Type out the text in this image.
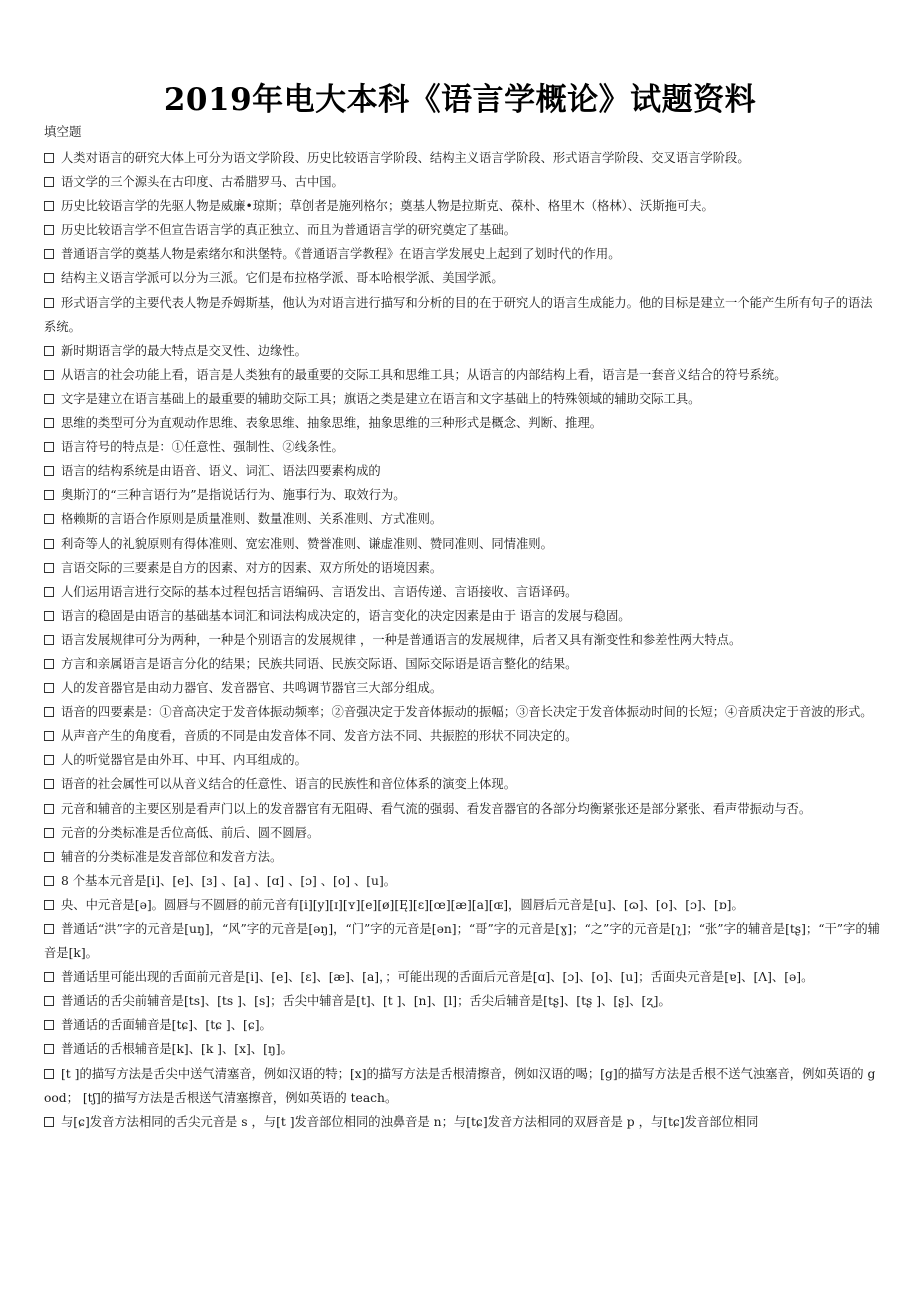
2019年电大本科《语言学概论》试题资料
填空题
人类对语言的研究大体上可分为语文学阶段、历史比较语言学阶段、结构主义语言学阶段、形式语言学阶段、交叉语言学阶段。
语文学的三个源头在古印度、古希腊罗马、古中国。
历史比较语言学的先驱人物是威廉•琼斯；草创者是施列格尔；奠基人物是拉斯克、葆朴、格里木（格林）、沃斯拖可夫。
历史比较语言学不但宣告语言学的真正独立、而且为普通语言学的研究奠定了基础。
普通语言学的奠基人物是索绪尔和洪堡特。《普通语言学教程》在语言学发展史上起到了划时代的作用。
结构主义语言学派可以分为三派。它们是布拉格学派、哥本哈根学派、美国学派。
形式语言学的主要代表人物是乔姆斯基，他认为对语言进行描写和分析的目的在于研究人的语言生成能力。他的目标是建立一个能产生所有句子的语法系统。
新时期语言学的最大特点是交叉性、边缘性。
从语言的社会功能上看，语言是人类独有的最重要的交际工具和思维工具；从语言的内部结构上看，语言是一套音义结合的符号系统。
文字是建立在语言基础上的最重要的辅助交际工具；旗语之类是建立在语言和文字基础上的特殊领域的辅助交际工具。
思维的类型可分为直观动作思维、表象思维、抽象思维，抽象思维的三种形式是概念、判断、推理。
语言符号的特点是：①任意性、强制性、②线条性。
语言的结构系统是由语音、语义、词汇、语法四要素构成的
奥斯汀的“三种言语行为”是指说话行为、施事行为、取效行为。
格赖斯的言语合作原则是质量准则、数量准则、关系准则、方式准则。
利奇等人的礼貌原则有得体准则、宽宏准则、赞誉准则、谦虚准则、赞同准则、同情准则。
言语交际的三要素是自方的因素、对方的因素、双方所处的语境因素。
人们运用语言进行交际的基本过程包括言语编码、言语发出、言语传递、言语接收、言语译码。
语言的稳固是由语言的基础基本词汇和词法构成决定的，语言变化的决定因素是由于 语言的发展与稳固。
语言发展规律可分为两种，一种是个别语言的发展规律 ，一种是普通语言的发展规律，后者又具有渐变性和参差性两大特点。
方言和亲属语言是语言分化的结果；民族共同语、民族交际语、国际交际语是语言整化的结果。
人的发音器官是由动力器官、发音器官、共鸣调节器官三大部分组成。
语音的四要素是：①音高决定于发音体振动频率；②音强决定于发音体振动的振幅；③音长决定于发音体振动时间的长短；④音质决定于音波的形式。
从声音产生的角度看，音质的不同是由发音体不同、发音方法不同、共振腔的形状不同决定的。
人的听觉器官是由外耳、中耳、内耳组成的。
语音的社会属性可以从音义结合的任意性、语言的民族性和音位体系的演变上体现。
元音和辅音的主要区别是看声门以上的发音器官有无阻碍、看气流的强弱、看发音器官的各部分均衡紧张还是部分紧张、看声带振动与否。
元音的分类标准是舌位高低、前后、圆不圆唇。
辅音的分类标准是发音部位和发音方法。
8 个基本元音是[i]、[e]、[ɜ] 、[a] 、[ɑ] 、[ɔ] 、[o] 、[u]。
央、中元音是[ə]。圆唇与不圆唇的前元音有[i][y][ɪ][ʏ][e][ø][Ę][ɛ][œ][æ][a][ɶ]，圆唇后元音是[u]、[ɷ]、[o]、[ɔ]、[ɒ]。
普通话“洪”字的元音是[uŋ]，“风”字的元音是[əŋ]，“门”字的元音是[ən]；“哥”字的元音是[ɣ]；“之”字的元音是[ʅ]；“张”字的辅音是[tʂ]；“干”字的辅音是[k]。
普通话里可能出现的舌面前元音是[i]、[e]、[ɛ]、[æ]、[a]，；可能出现的舌面后元音是[ɑ]、[ɔ]、[o]、[u]；舌面央元音是[ɐ]、[Ʌ]、[ə]。
普通话的舌尖前辅音是[ts]、[ts ]、[s]；舌尖中辅音是[t]、[t ]、[n]、[l]；舌尖后辅音是[tʂ]、[tʂ ]、[ʂ]、[ʐ]。
普通话的舌面辅音是[tɕ]、[tɕ ]、[ɕ]。
普通话的舌根辅音是[k]、[k ]、[x]、[ŋ]。
[t ]的描写方法是舌尖中送气清塞音，例如汉语的特；[x]的描写方法是舌根清擦音，例如汉语的喝；[g]的描写方法是舌根不送气浊塞音，例如英语的 good； [tʃ]的描写方法是舌根送气清塞擦音，例如英语的 teach。
与[ɕ]发音方法相同的舌尖元音是 s ，与[t ]发音部位相同的浊鼻音是 n；与[tɕ]发音方法相同的双唇音是 p ，与[tɕ]发音部位相同
